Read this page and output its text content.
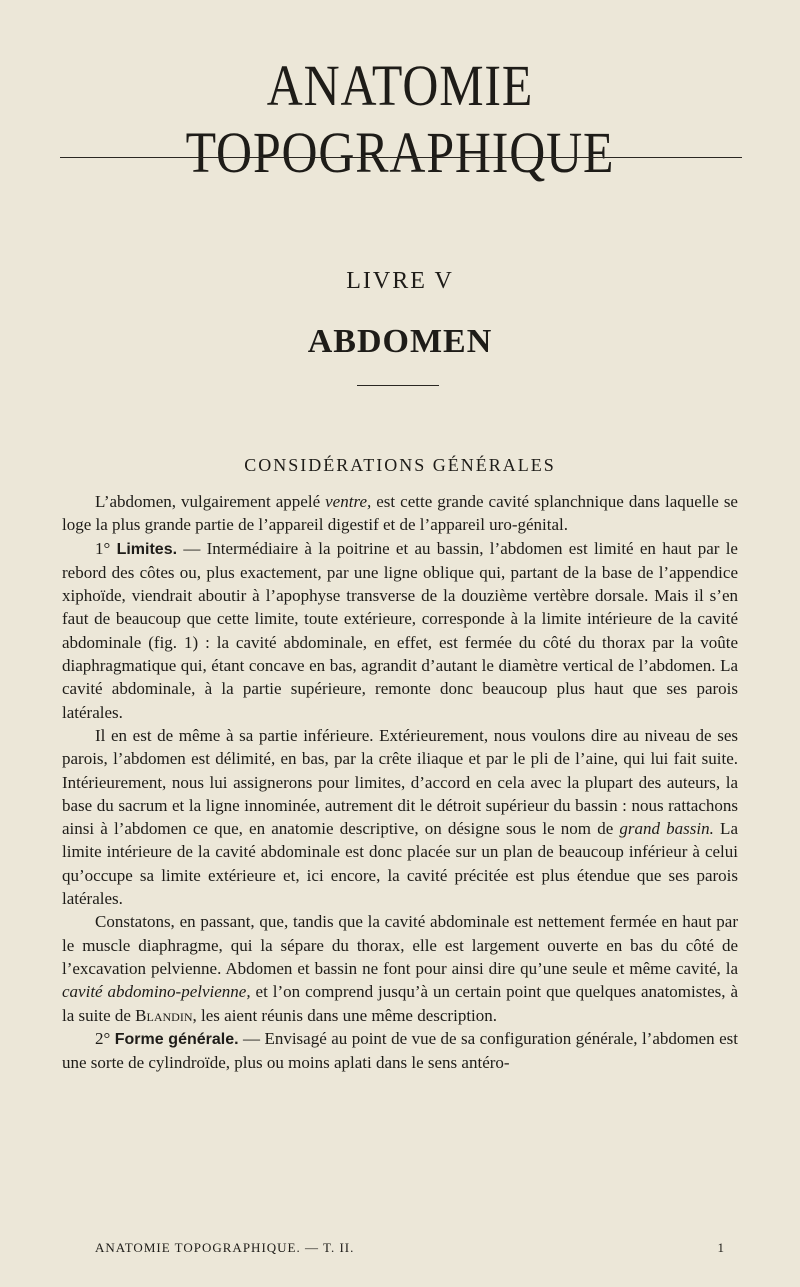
ANATOMIE TOPOGRAPHIQUE
LIVRE V
ABDOMEN
CONSIDÉRATIONS GÉNÉRALES

L’abdomen, vulgairement appelé ventre, est cette grande cavité splanchnique dans laquelle se loge la plus grande partie de l’appareil digestif et de l’appareil uro-génital.

1° Limites. — Intermédiaire à la poitrine et au bassin, l’abdomen est limité en haut par le rebord des côtes ou, plus exactement, par une ligne oblique qui, partant de la base de l’appendice xiphoïde, viendrait aboutir à l’apophyse transverse de la douzième vertèbre dorsale. Mais il s’en faut de beaucoup que cette limite, toute extérieure, corresponde à la limite intérieure de la cavité abdominale (fig. 1) : la cavité abdominale, en effet, est fermée du côté du thorax par la voûte diaphragmatique qui, étant concave en bas, agrandit d’autant le diamètre vertical de l’abdomen. La cavité abdominale, à la partie supérieure, remonte donc beaucoup plus haut que ses parois latérales.

Il en est de même à sa partie inférieure. Extérieurement, nous voulons dire au niveau de ses parois, l’abdomen est délimité, en bas, par la crête iliaque et par le pli de l’aine, qui lui fait suite. Intérieurement, nous lui assignerons pour limites, d’accord en cela avec la plupart des auteurs, la base du sacrum et la ligne innominée, autrement dit le détroit supérieur du bassin : nous rattachons ainsi à l’abdomen ce que, en anatomie descriptive, on désigne sous le nom de grand bassin. La limite intérieure de la cavité abdominale est donc placée sur un plan de beaucoup inférieur à celui qu’occupe sa limite extérieure et, ici encore, la cavité précitée est plus étendue que ses parois latérales.

Constatons, en passant, que, tandis que la cavité abdominale est nettement fermée en haut par le muscle diaphragme, qui la sépare du thorax, elle est largement ouverte en bas du côté de l’excavation pelvienne. Abdomen et bassin ne font pour ainsi dire qu’une seule et même cavité, la cavité abdomino-pelvienne, et l’on comprend jusqu’à un certain point que quelques anatomistes, à la suite de Blandin, les aient réunis dans une même description.

2° Forme générale. — Envisagé au point de vue de sa configuration générale, l’abdomen est une sorte de cylindroïde, plus ou moins aplati dans le sens antéro-

ANATOMIE TOPOGRAPHIQUE. — T. II.	1
